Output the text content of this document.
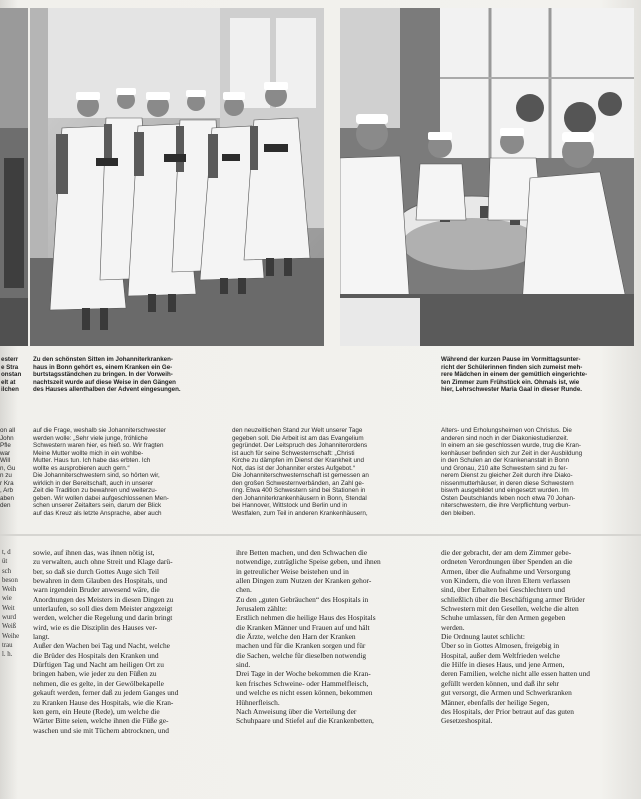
esterr
e Stra
onstan
elt at
ilchen
Zu den schönsten Sitten im Johanniterkranken-
haus in Bonn gehört es, einem Kranken ein Ge-
burtstagsständchen zu bringen. In der Vorweih-
nachtszeit wurde auf diese Weise in den Gängen
des Hauses allenthalben der Advent eingesungen.
Während der kurzen Pause im Vormittagsunter-
richt der Schülerinnen finden sich zumeist meh-
rere Mädchen in einem der gemütlich eingerichte-
ten Zimmer zum Frühstück ein. Ohmals ist, wie
hier, Lehrschwester Maria Gaal in dieser Runde.
on all
John
Pfle
war
Will
n, Gu
n zu
r Kra
, Arb
aben
den
auf die Frage, weshalb sie Johanniterschwester
werden wolle: „Sehr viele junge, fröhliche
Schwestern waren hier, es hieß so. Wir fragten
Meine Mutter wollte mich in ein wohlbe-
Mutter. Haus tun. Ich habe das erbten. Ich
wollte es ausprobieren auch gern.“
Die Johanniterschwestern sind, so hörten wir,
wirklich in der Bereitschaft, auch in unserer
Zeit die Tradition zu bewahren und weiterzu-
geben. Wir wollen dabei aufgeschlossenen Men-
schen unserer Zeitalters sein, darum der Blick
auf das Kreuz als letzte Ansprache, aber auch
den neuzeitlichen Stand zur Welt unserer Tage
gegeben soll. Die Arbeit ist am das Evangelium
gegründet. Der Leitspruch des Johanniterordens
ist auch für seine Schwesternschaft: „Christi
Kirche zu dämpfen im Dienst der Krankheit und
Not, das ist der Johanniter erstes Aufgebot.“
Die Johanniterschwesternschaft ist gemessen an
den großen Schwesternverbänden, an Zahl ge-
ring. Etwa 400 Schwestern sind bei Stationen in
den Johanniterkrankenhäusern in Bonn, Stendal
bei Hannover, Wittstock und Berlin und in
Westfalen, zum Teil in anderen Krankenhäusern,
Alters- und Erholungsheimen von Christus. Die
anderen sind noch in der Diakoniestudienzeit.
In einem an sie geschlossen wurde, trug die Kran-
kenhäuser befinden sich zur Zeit in der Ausbildung
in den Schulen an der Krankenanstalt in Bonn
und Gronau, 210 alte Schwestern sind zu fer-
nerem Dienst zu gleicher Zeit durch ihre Diako-
nissenmutterhäuser, in deren diese Schwestern
biswrh ausgebildet und eingesetzt wurden. Im
Osten Deutschlands leben noch etwa 70 Johan-
niterschwestern, die ihre Verpflichtung verbun-
den bleiben.
t, d
üt
sch
beson
Weih
wie
Weit
wurd
Weiß
Weihe
trau
l. h.
sowie, auf ihnen das, was ihnen nötig ist,
zu verwalten, auch ohne Streit und Klage darü-
ber, so daß sie durch Gottes Auge sich Teil
bewahren in dem Glauben des Hospitals, und
warn irgendein Bruder anwesend wäre, die
Anordnungen des Meisters in diesen Dingen zu
unterlaufen, so soll dies dem Meister angezeigt
werden, welcher die Regelung und darin bringt
wird, wie es die Disziplin des Hauses ver-
langt.
Außer den Wachen bei Tag und Nacht, welche
die Brüder des Hospitals den Kranken und
Dürftigen Tag und Nacht am heiligen Ort zu
bringen haben, wie jeder zu den Füßen zu
nehmen, die es gelte, in der Gewölbekapelle
gekauft werden, ferner daß zu jedem Ganges und
zu Kranken Hause des Hospitals, wie die Kran-
ken gern, ein Heute (Rede), um welche die
Wärter Bitte seien, welche ihnen die Füße ge-
waschen und sie mit Tüchern abtrocknen, und
ihre Betten machen, und den Schwachen die
notwendige, zuträgliche Speise geben, und ihnen
in getreulicher Weise beistehen und in
allen Dingen zum Nutzen der Kranken gehor-
chen.
Zu den „guten Gebräuchen“ des Hospitals in
Jerusalem zählte:
Erstlich nehmen die heilige Haus des Hospitals
die Kranken Männer und Frauen auf und hält
die Ärzte, welche den Harn der Kranken
machen und für die Kranken sorgen und für
die Sachen, welche für dieselben notwendig
sind.
Drei Tage in der Woche bekommen die Kran-
ken frisches Schweine- oder Hammelfleisch,
und welche es nicht essen können, bekommen
Hühnerfleisch.
Nach Anweisung über die Verteilung der
Schuhpaare und Stiefel auf die Krankenbetten,
die der gebracht, der am dem Zimmer gebe-
ordneten Verordnungen über Spenden an die
Armen, über die Aufnahme und Versorgung
von Kindern, die von ihren Eltern verlassen
sind, über Erhalten bei Geschlechtern und
schließlich über die Beschäftigung armer Brüder
Schwestern mit den Gesellen, welche die alten
Schuhe umlassen, für den Armen gegeben
werden.
Die Ordnung lautet schlicht:
Über so in Gottes Almosen, freigebig in
Hospital, außer dem Weltfrieden welche
die Hilfe in dieses Haus, und jene Armen,
deren Familien, welche nicht alle essen hatten und
gefüllt werden können, und daß ihr sehr
gut versorgt, die Armen und Schwerkranken
Männer, ebenfalls der heilige Segen,
des Hospitals, der Prior betraut auf das guten
Gesetzeshospital.
